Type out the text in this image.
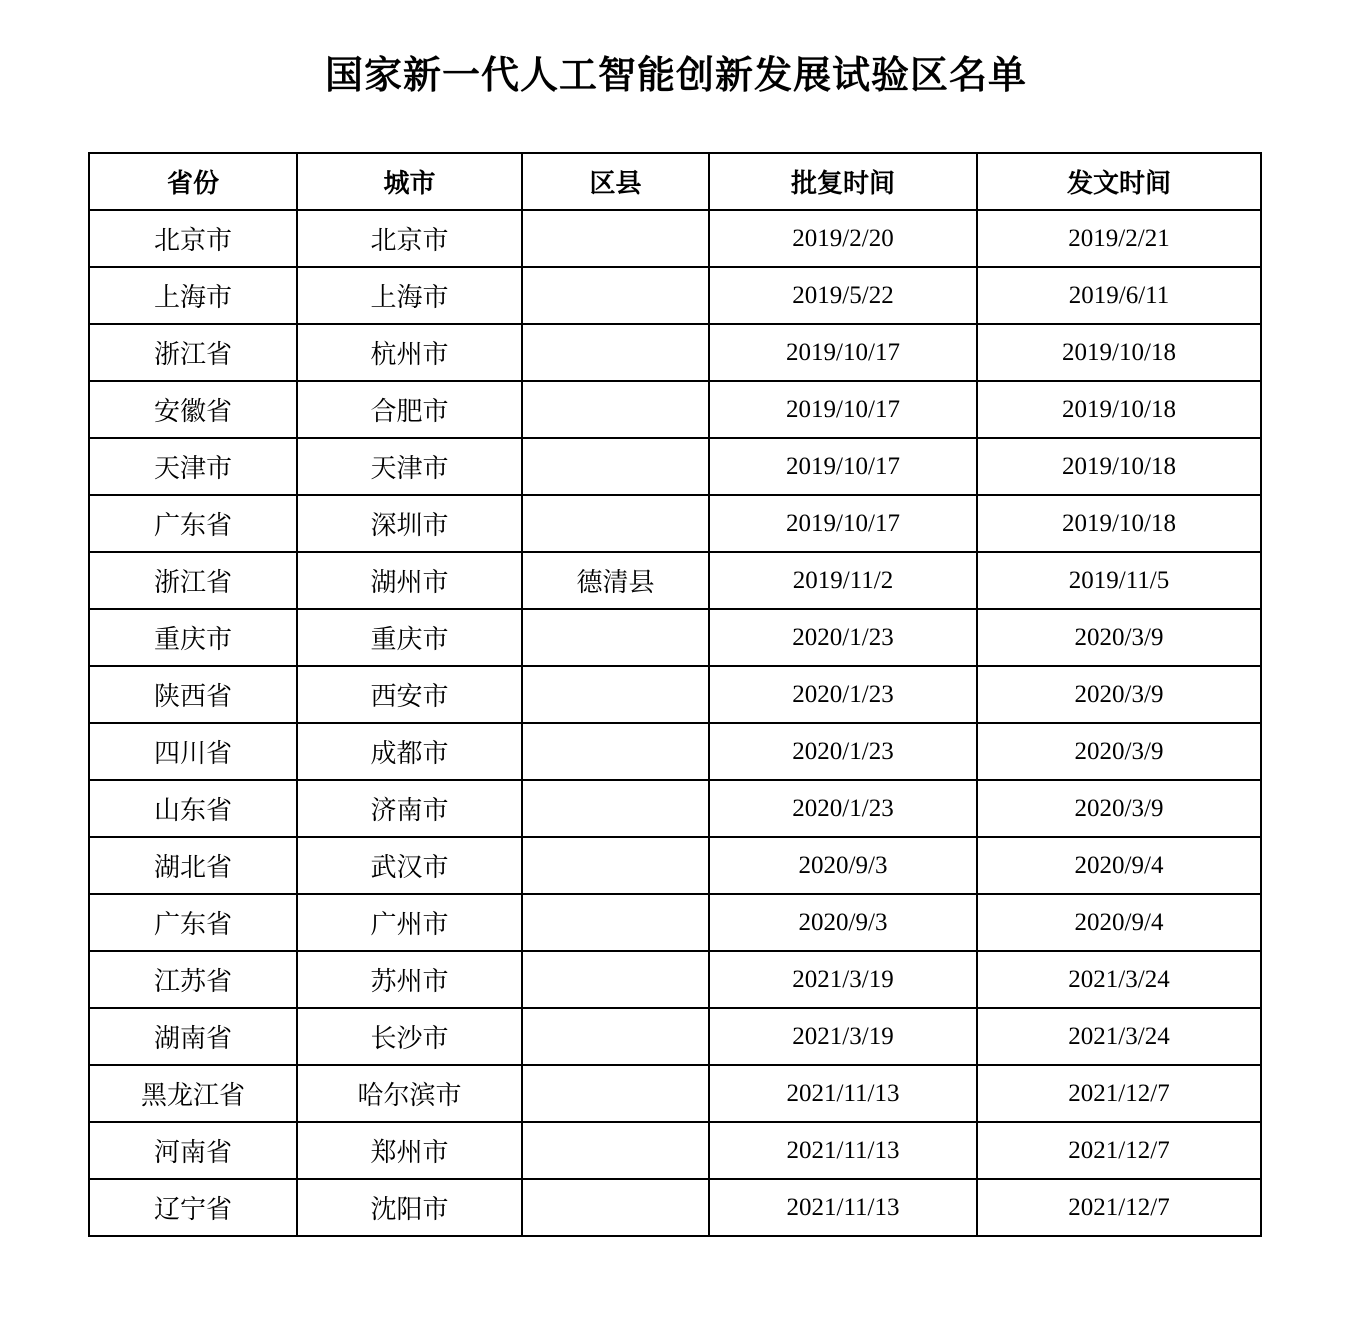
国家新一代人工智能创新发展试验区名单
省份	城市	区县	批复时间	发文时间
北京市	北京市		2019/2/20	2019/2/21
上海市	上海市		2019/5/22	2019/6/11
浙江省	杭州市		2019/10/17	2019/10/18
安徽省	合肥市		2019/10/17	2019/10/18
天津市	天津市		2019/10/17	2019/10/18
广东省	深圳市		2019/10/17	2019/10/18
浙江省	湖州市	德清县	2019/11/2	2019/11/5
重庆市	重庆市		2020/1/23	2020/3/9
陕西省	西安市		2020/1/23	2020/3/9
四川省	成都市		2020/1/23	2020/3/9
山东省	济南市		2020/1/23	2020/3/9
湖北省	武汉市		2020/9/3	2020/9/4
广东省	广州市		2020/9/3	2020/9/4
江苏省	苏州市		2021/3/19	2021/3/24
湖南省	长沙市		2021/3/19	2021/3/24
黑龙江省	哈尔滨市		2021/11/13	2021/12/7
河南省	郑州市		2021/11/13	2021/12/7
辽宁省	沈阳市		2021/11/13	2021/12/7
